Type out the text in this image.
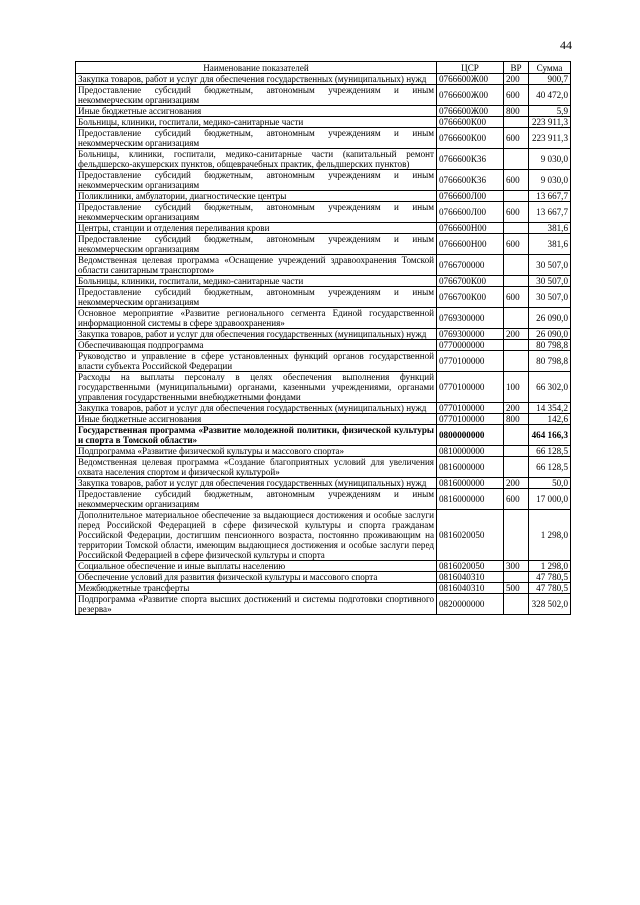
44
Наименование показателей	ЦСР	ВР	Сумма
Закупка товаров, работ и услуг для обеспечения государственных (муниципальных) нужд	0766600Ж00	200	900,7
Предоставление субсидий бюджетным, автономным учреждениям и иным некоммерческим организациям	0766600Ж00	600	40 472,0
Иные бюджетные ассигнования	0766600Ж00	800	5,9
Больницы, клиники, госпитали, медико-санитарные части	0766600К00		223 911,3
Предоставление субсидий бюджетным, автономным учреждениям и иным некоммерческим организациям	0766600К00	600	223 911,3
Больницы, клиники, госпитали, медико-санитарные части (капитальный ремонт фельдшерско-акушерских пунктов, общеврачебных практик, фельдшерских пунктов)	0766600К36		9 030,0
Предоставление субсидий бюджетным, автономным учреждениям и иным некоммерческим организациям	0766600К36	600	9 030,0
Поликлиники, амбулатории, диагностические центры	0766600Л00		13 667,7
Предоставление субсидий бюджетным, автономным учреждениям и иным некоммерческим организациям	0766600Л00	600	13 667,7
Центры, станции и отделения переливания крови	0766600Н00		381,6
Предоставление субсидий бюджетным, автономным учреждениям и иным некоммерческим организациям	0766600Н00	600	381,6
Ведомственная целевая программа «Оснащение учреждений здравоохранения Томской области санитарным транспортом»	0766700000		30 507,0
Больницы, клиники, госпитали, медико-санитарные части	0766700К00		30 507,0
Предоставление субсидий бюджетным, автономным учреждениям и иным некоммерческим организациям	0766700К00	600	30 507,0
Основное мероприятие «Развитие регионального сегмента Единой государственной информационной системы в сфере здравоохранения»	0769300000		26 090,0
Закупка товаров, работ и услуг для обеспечения государственных (муниципальных) нужд	0769300000	200	26 090,0
Обеспечивающая подпрограмма	0770000000		80 798,8
Руководство и управление в сфере установленных функций органов государственной власти субъекта Российской Федерации	0770100000		80 798,8
Расходы на выплаты персоналу в целях обеспечения выполнения функций государственными (муниципальными) органами, казенными учреждениями, органами управления государственными внебюджетными фондами	0770100000	100	66 302,0
Закупка товаров, работ и услуг для обеспечения государственных (муниципальных) нужд	0770100000	200	14 354,2
Иные бюджетные ассигнования	0770100000	800	142,6
Государственная программа «Развитие молодежной политики, физической культуры и спорта в Томской области»	0800000000		464 166,3
Подпрограмма «Развитие физической культуры и массового спорта»	0810000000		66 128,5
Ведомственная целевая программа «Создание благоприятных условий для увеличения охвата населения спортом и физической культурой»	0816000000		66 128,5
Закупка товаров, работ и услуг для обеспечения государственных (муниципальных) нужд	0816000000	200	50,0
Предоставление субсидий бюджетным, автономным учреждениям и иным некоммерческим организациям	0816000000	600	17 000,0
Дополнительное материальное обеспечение за выдающиеся достижения и особые заслуги перед Российской Федерацией в сфере физической культуры и спорта гражданам Российской Федерации, достигшим пенсионного возраста, постоянно проживающим на территории Томской области, имеющим выдающиеся достижения и особые заслуги перед Российской Федерацией в сфере физической культуры и спорта	0816020050		1 298,0
Социальное обеспечение и иные выплаты населению	0816020050	300	1 298,0
Обеспечение условий для развития физической культуры и массового спорта	0816040310		47 780,5
Межбюджетные трансферты	0816040310	500	47 780,5
Подпрограмма «Развитие спорта высших достижений и системы подготовки спортивного резерва»	0820000000		328 502,0
